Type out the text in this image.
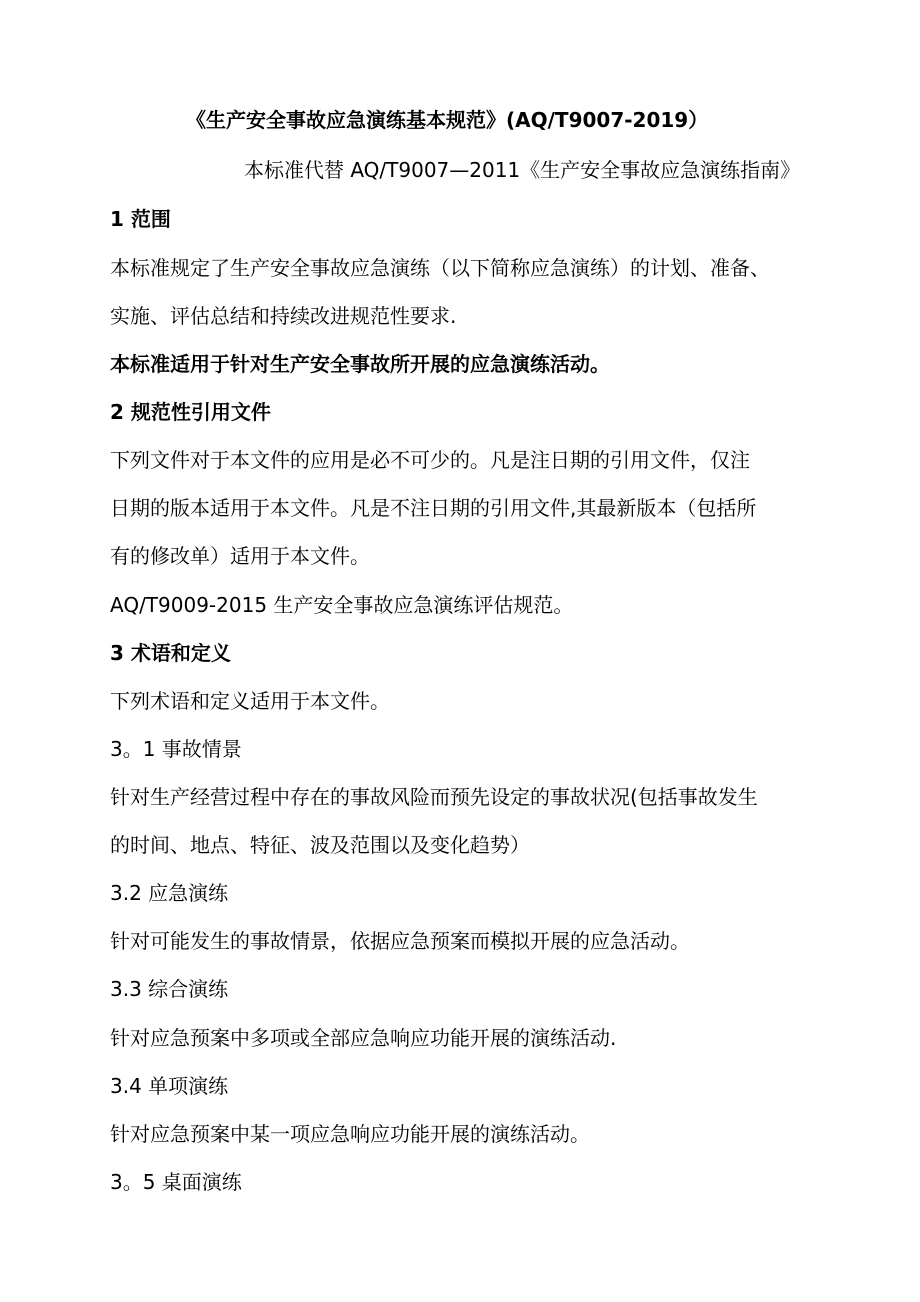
《生产安全事故应急演练基本规范》(AQ/T9007-2019）
本标准代替 AQ/T9007—2011《生产安全事故应急演练指南》
1 范围
本标准规定了生产安全事故应急演练（以下简称应急演练）的计划、准备、
实施、评估总结和持续改进规范性要求.
本标准适用于针对生产安全事故所开展的应急演练活动。
2 规范性引用文件
下列文件对于本文件的应用是必不可少的。凡是注日期的引用文件，仅注
日期的版本适用于本文件。凡是不注日期的引用文件,其最新版本（包括所
有的修改单）适用于本文件。
AQ/T9009-2015 生产安全事故应急演练评估规范。
3 术语和定义
下列术语和定义适用于本文件。
3。1 事故情景
针对生产经营过程中存在的事故风险而预先设定的事故状况(包括事故发生
的时间、地点、特征、波及范围以及变化趋势）
3.2 应急演练
针对可能发生的事故情景，依据应急预案而模拟开展的应急活动。
3.3 综合演练
针对应急预案中多项或全部应急响应功能开展的演练活动.
3.4 单项演练
针对应急预案中某一项应急响应功能开展的演练活动。
3。5 桌面演练
